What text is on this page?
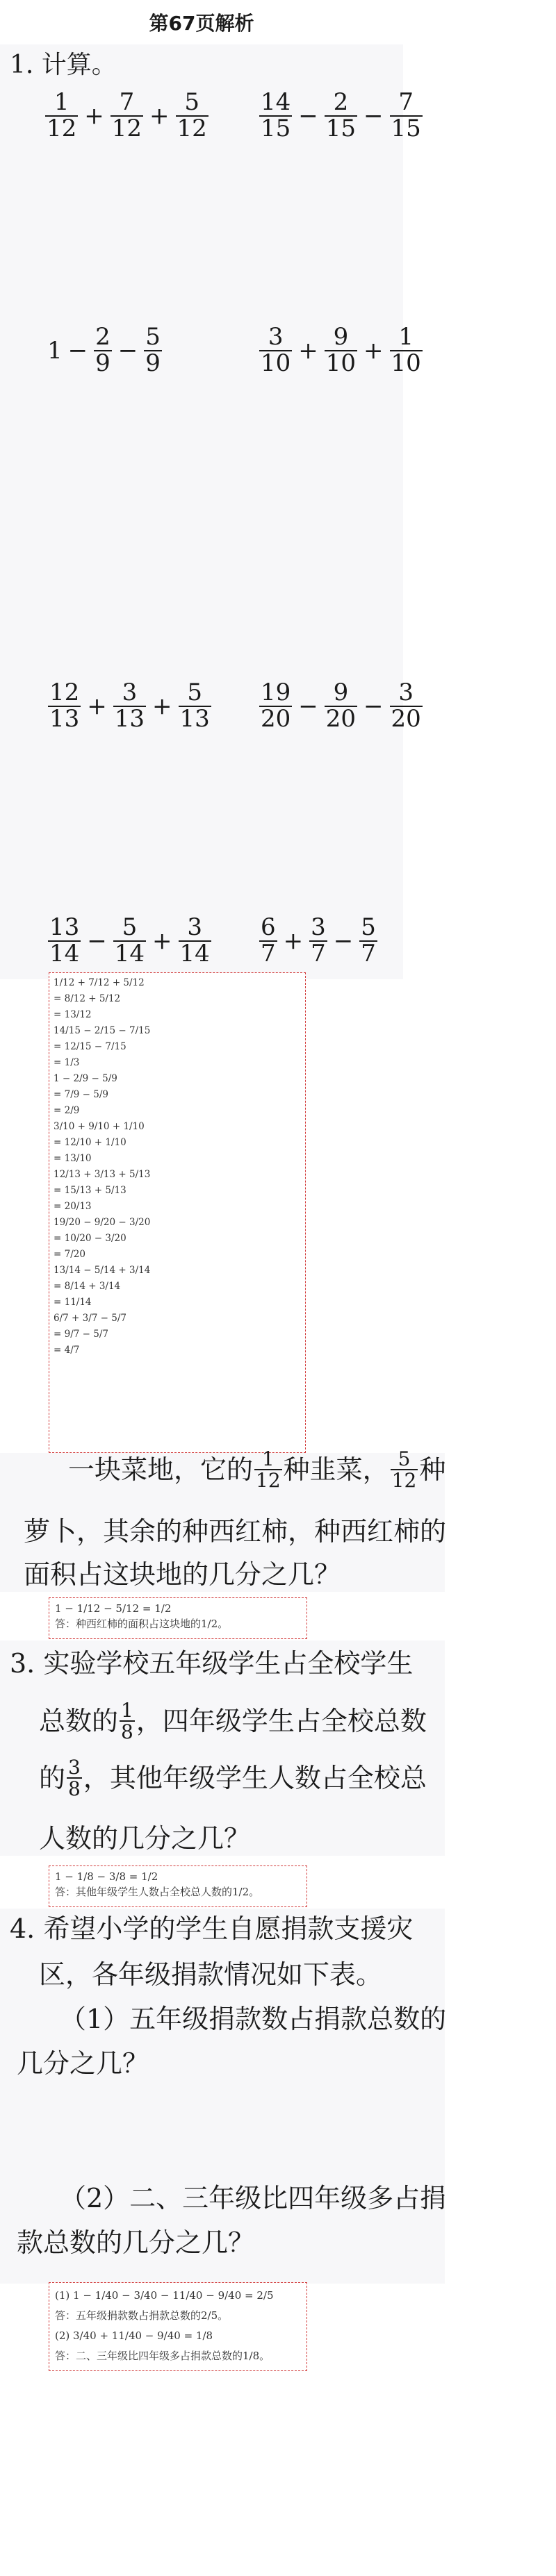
第67页解析
1. 计算。
$\frac{1}{12} + \frac{7}{12} + \frac{5}{12} \frac{14}{15} - \frac{2}{15} - \frac{7}{15}$
$1 - \frac{2}{9} - \frac{5}{9}$	$\frac{3}{10} + \frac{9}{10} + \frac{1}{10}$
$\frac{12}{13} + \frac{3}{13} + \frac{5}{13} \frac{19}{20} - \frac{9}{20} - \frac{3}{20}$
$\frac{13}{14} - \frac{5}{14} + \frac{3}{14} \frac{6}{7} + \frac{3}{7} - \frac{5}{7}$
1/12 + 7/12 + 5/12
= 8/12 + 5/12
= 13/12
14/15 − 2/15 − 7/15
= 12/15 − 7/15
= 1/3
1 − 2/9 − 5/9
= 7/9 − 5/9
= 2/9
3/10 + 9/10 + 1/10
= 12/10 + 1/10
= 13/10
12/13 + 3/13 + 5/13
= 15/13 + 5/13
= 20/13
19/20 − 9/20 − 3/20
= 10/20 − 3/20
= 7/20
13/14 − 5/14 + 3/14
= 8/14 + 3/14
= 11/14
6/7 + 3/7 − 5/7
= 9/7 − 5/7
= 4/7
一块菜地，它的 1
12 种韭菜， 5
12 种
萝卜，其余的种西红柿，种西红柿的
面积占这块地的几分之几？
1 − 1/12 − 5/12 = 1/2
答：种西红柿的面积占这块地的1/2。
3. 实验学校五年级学生占全校学生
总数的 1
8 ，四年级学生占全校总数
的 3
8 ，其他年级学生人数占全校总
人数的几分之几？
1 − 1/8 − 3/8 = 1/2
答：其他年级学生人数占全校总人数的1/2。
4. 希望小学的学生自愿捐款支援灾
区，各年级捐款情况如下表。
（1）五年级捐款数占捐款总数的
几分之几？
（2）二、三年级比四年级多占捐
款总数的几分之几？
(1) 1 − 1/40 − 3/40 − 11/40 − 9/40 = 2/5
答：五年级捐款数占捐款总数的2/5。
(2) 3/40 + 11/40 − 9/40 = 1/8
答：二、三年级比四年级多占捐款总数的1/8。
